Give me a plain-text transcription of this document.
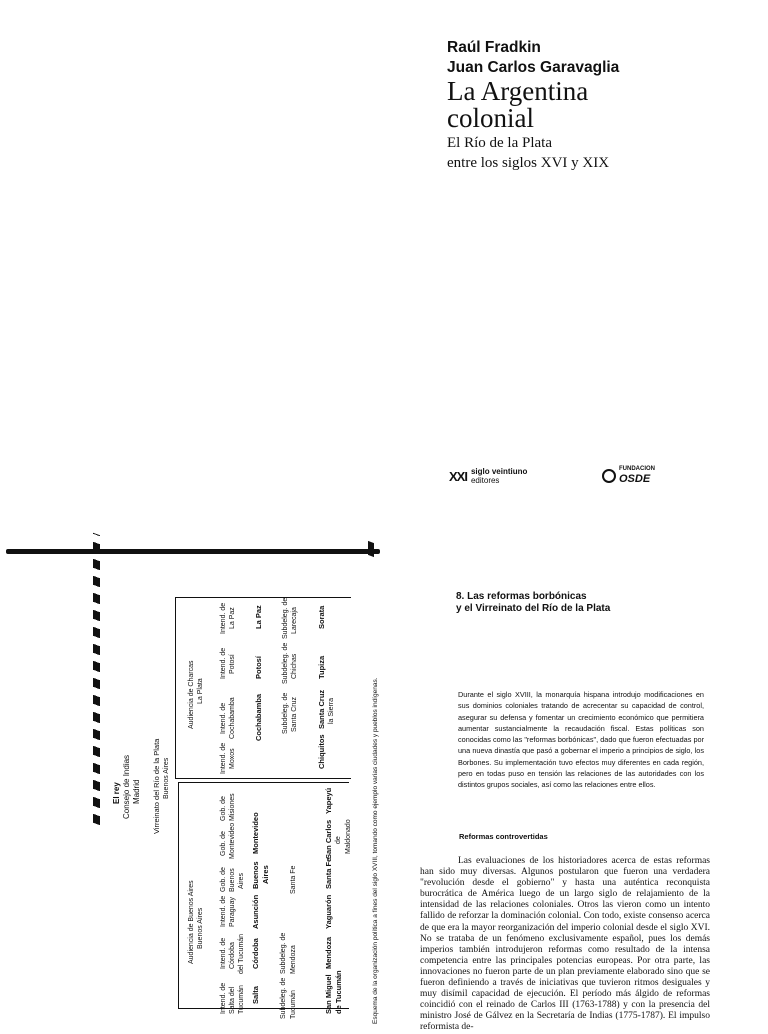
Raúl Fradkin
Juan Carlos Garavaglia
La Argentina
colonial
El Río de la Plata
entre los siglos XVI y XIX
XXI siglo veintiuno
editores
FUNDACION
OSDE
El rey Consejo de Indias Madrid Virreinato del Río de la Plata Buenos Aires
Audiencia de Buenos Aires Buenos Aires
Intend. de Salta del Tucumán
Intend. de Córdoba del Tucumán
Intend. de Paraguay
Gob. de Buenos Aires
Gob. de Montevideo
Gob. de Misiones
Salta
Córdoba
Asunción
Buenos Aires
Montevideo
Subdeleg. de Tucumán
Subdeleg. de Mendoza
Santa Fe
San Miguel de Tucumán
Mendoza
Yaguarón
Santa Fe
San Carlos de Maldonado
Yapeyú
Audiencia de Charcas La Plata
Intend. de Moxos
Intend. de Cochabamba
Intend. de Potosí
Intend. de La Paz
Cochabamba
Potosí
La Paz
Subdeleg. de Santa Cruz
Subdeleg. de Chichas
Subdeleg. de Larecaja
Chiquitos
Santa Cruz la Sierra
Tupiza
Sorata
Esquema de la organización política a fines del siglo XVIII, tomando como ejemplo varias ciudades y pueblos indígenas.
8. Las reformas borbónicas
y el Virreinato del Río de la Plata
Durante el siglo XVIII, la monarquía hispana introdujo modificaciones en sus dominios coloniales tratando de acrecentar su capacidad de control, asegurar su defensa y fomentar un crecimiento económico que permitiera aumentar sustancialmente la recaudación fiscal. Estas políticas son conocidas como las "reformas borbónicas", dado que fueron efectuadas por una nueva dinastía que pasó a gobernar el imperio a principios de siglo, los Borbones. Su implementación tuvo efectos muy diferentes en cada región, pero en todas puso en tensión las relaciones de las autoridades con los distintos grupos sociales, así como las relaciones entre ellos.
Reformas controvertidas
Las evaluaciones de los historiadores acerca de estas reformas han sido muy diversas. Algunos postularon que fueron una verdadera "revolución desde el gobierno" y hasta una auténtica reconquista burocrática de América luego de un largo siglo de relajamiento de la intensidad de las relaciones coloniales. Otros las vieron como un intento fallido de reforzar la dominación colonial. Con todo, existe consenso acerca de que era la mayor reorganización del imperio colonial desde el siglo XVI. No se trataba de un fenómeno exclusivamente español, pues los demás imperios también introdujeron reformas como resultado de la intensa competencia entre las principales potencias europeas. Por otra parte, las innovaciones no fueron parte de un plan previamente elaborado sino que se fueron definiendo a través de iniciativas que tuvieron ritmos desiguales y muy disímil capacidad de ejecución. El período más álgido de reformas coincidió con el reinado de Carlos III (1763-1788) y con la presencia del ministro José de Gálvez en la Secretaría de Indias (1775-1787). El impulso reformista de-
